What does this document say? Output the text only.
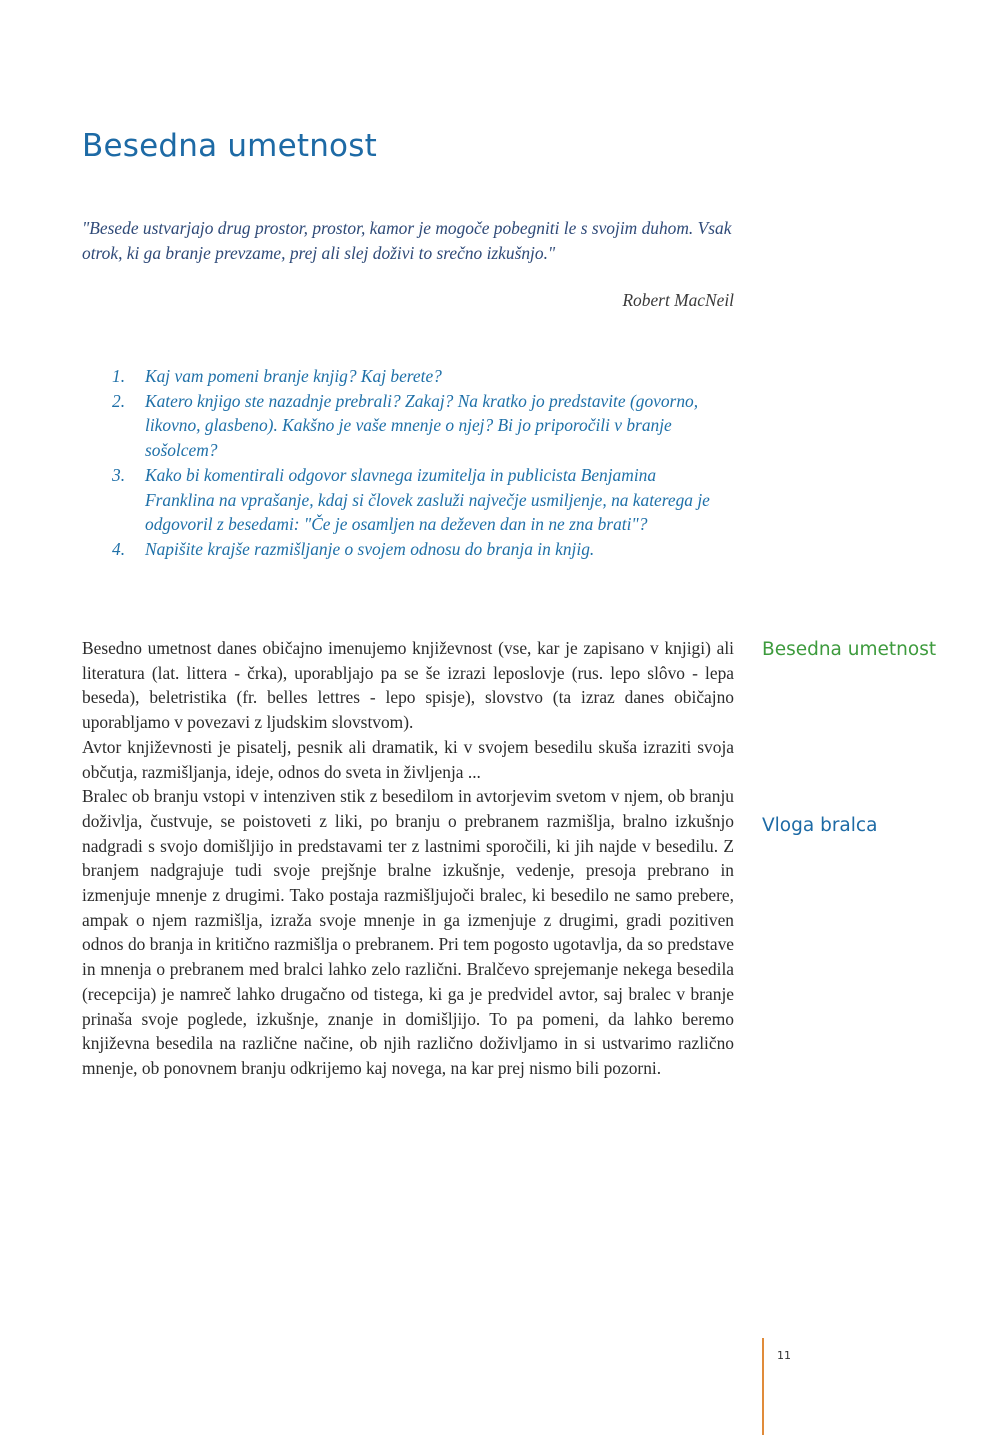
Besedna umetnost
"Besede ustvarjajo drug prostor, prostor, kamor je mogoče pobegniti le s svojim duhom. Vsak otrok, ki ga branje prevzame, prej ali slej doživi to srečno izkušnjo."
Robert MacNeil
1.	Kaj vam pomeni branje knjig? Kaj berete?
2.	Katero knjigo ste nazadnje prebrali? Zakaj? Na kratko jo predstavite (govorno, likovno, glasbeno). Kakšno je vaše mnenje o njej? Bi jo priporočili v branje sošolcem?
3.	Kako bi komentirali odgovor slavnega izumitelja in publicista Benjamina Franklina na vprašanje, kdaj si človek zasluži največje usmiljenje, na katerega je odgovoril z besedami: "Če je osamljen na deževen dan in ne zna brati"?
4.	Napišite krajše razmišljanje o svojem odnosu do branja in knjig.

Besedno umetnost danes običajno imenujemo književnost (vse, kar je zapisano v knjigi) ali literatura (lat. littera - črka), uporabljajo pa se še izrazi leposlovje (rus. lepo slôvo - lepa beseda), beletristika (fr. belles lettres - lepo spisje), slovstvo (ta izraz danes običajno uporabljamo v povezavi z ljudskim slovstvom).

Avtor književnosti je pisatelj, pesnik ali dramatik, ki v svojem besedilu skuša izraziti svoja občutja, razmišljanja, ideje, odnos do sveta in življenja ...

Bralec ob branju vstopi v intenziven stik z besedilom in avtorjevim svetom v njem, ob branju doživlja, čustvuje, se poistoveti z liki, po branju o prebranem razmišlja, bralno izkušnjo nadgradi s svojo domišljijo in predstavami ter z lastnimi sporočili, ki jih najde v besedilu. Z branjem nadgrajuje tudi svoje prejšnje bralne izkušnje, vedenje, presoja prebrano in izmenjuje mnenje z drugimi. Tako postaja razmišljujoči bralec, ki besedilo ne samo prebere, ampak o njem razmišlja, izraža svoje mnenje in ga izmenjuje z drugimi, gradi pozitiven odnos do branja in kritično razmišlja o prebranem. Pri tem pogosto ugotavlja, da so predstave in mnenja o prebranem med bralci lahko zelo različni. Bralčevo sprejemanje nekega besedila (recepcija) je namreč lahko drugačno od tistega, ki ga je predvidel avtor, saj bralec v branje prinaša svoje poglede, izkušnje, znanje in domišljijo. To pa pomeni, da lahko beremo književna besedila na različne načine, ob njih različno doživljamo in si ustvarimo različno mnenje, ob ponovnem branju odkrijemo kaj novega, na kar prej nismo bili pozorni.

Besedna umetnost
Vloga bralca
11
